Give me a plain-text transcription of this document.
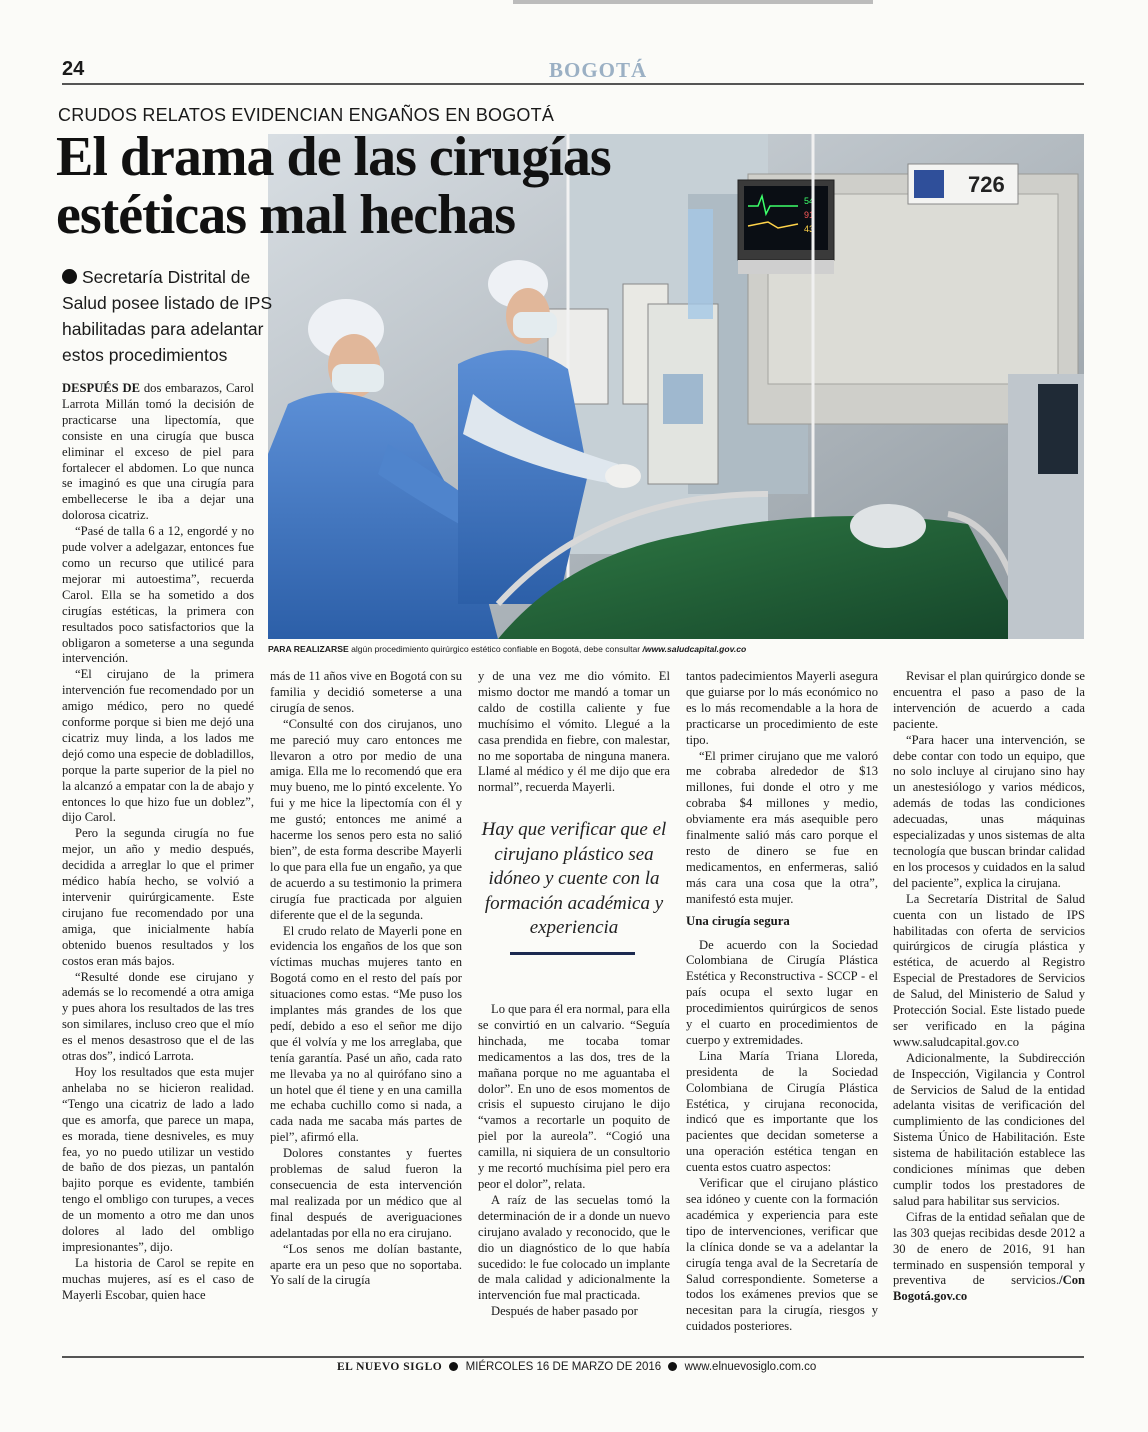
24	BOGOTÁ
CRUDOS RELATOS EVIDENCIAN ENGAÑOS EN BOGOTÁ
726
54
91
43
El drama de las cirugías
estéticas mal hechas
Secretaría Distrital de Salud posee listado de IPS habilitadas para adelantar estos procedimientos
PARA REALIZARSE algún procedimiento quirúrgico estético confiable en Bogotá, debe consultar /www.saludcapital.gov.co

DESPUÉS DE dos embarazos, Carol Larrota Millán tomó la decisión de practicarse una lipectomía, que consiste en una cirugía que busca eliminar el exceso de piel para fortalecer el abdomen. Lo que nunca se imaginó es que una cirugía para embellecerse le iba a dejar una dolorosa cicatriz.

“Pasé de talla 6 a 12, engordé y no pude volver a adelgazar, entonces fue como un recurso que utilicé para mejorar mi autoestima”, recuerda Carol. Ella se ha sometido a dos cirugías estéticas, la primera con resultados poco satisfactorios que la obligaron a someterse a una segunda intervención.

“El cirujano de la primera intervención fue recomendado por un amigo médico, pero no quedé conforme porque si bien me dejó una cicatriz muy linda, a los lados me dejó como una especie de dobladillos, porque la parte superior de la piel no la alcanzó a empatar con la de abajo y entonces lo que hizo fue un doblez”, dijo Carol.

Pero la segunda cirugía no fue mejor, un año y medio después, decidida a arreglar lo que el primer médico había hecho, se volvió a intervenir quirúrgicamente. Este cirujano fue recomendado por una amiga, que inicialmente había obtenido buenos resultados y los costos eran más bajos.

“Resulté donde ese cirujano y además se lo recomendé a otra amiga y pues ahora los resultados de las tres son similares, incluso creo que el mío es el menos desastroso que el de las otras dos”, indicó Larrota.

Hoy los resultados que esta mujer anhelaba no se hicieron realidad. “Tengo una cicatriz de lado a lado que es amorfa, que parece un mapa, es morada, tiene desniveles, es muy fea, yo no puedo utilizar un vestido de baño de dos piezas, un pantalón bajito porque es evidente, también tengo el ombligo con turupes, a veces de un momento a otro me dan unos dolores al lado del ombligo impresionantes”, dijo.

La historia de Carol se repite en muchas mujeres, así es el caso de Mayerli Escobar, quien hace

más de 11 años vive en Bogotá con su familia y decidió someterse a una cirugía de senos.

“Consulté con dos cirujanos, uno me pareció muy caro entonces me llevaron a otro por medio de una amiga. Ella me lo recomendó que era muy bueno, me lo pintó excelente. Yo fui y me hice la lipectomía con él y me gustó; entonces me animé a hacerme los senos pero esta no salió bien”, de esta forma describe Mayerli lo que para ella fue un engaño, ya que de acuerdo a su testimonio la primera cirugía fue practicada por alguien diferente que el de la segunda.

El crudo relato de Mayerli pone en evidencia los engaños de los que son víctimas muchas mujeres tanto en Bogotá como en el resto del país por situaciones como estas. “Me puso los implantes más grandes de los que pedí, debido a eso el señor me dijo que él volvía y me los arreglaba, que tenía garantía. Pasé un año, cada rato me llevaba ya no al quirófano sino a un hotel que él tiene y en una camilla me echaba cuchillo como si nada, a cada nada me sacaba más partes de piel”, afirmó ella.

Dolores constantes y fuertes problemas de salud fueron la consecuencia de esta intervención mal realizada por un médico que al final después de averiguaciones adelantadas por ella no era cirujano.

“Los senos me dolían bastante, aparte era un peso que no soportaba. Yo salí de la cirugía

y de una vez me dio vómito. El mismo doctor me mandó a tomar un caldo de costilla caliente y fue muchísimo el vómito. Llegué a la casa prendida en fiebre, con malestar, no me soportaba de ninguna manera. Llamé al médico y él me dijo que era normal”, recuerda Mayerli.

Hay que verificar que el cirujano plástico sea idóneo y cuente con la formación académica y experiencia

Lo que para él era normal, para ella se convirtió en un calvario. “Seguía hinchada, me tocaba tomar medicamentos a las dos, tres de la mañana porque no me aguantaba el dolor”. En uno de esos momentos de crisis el supuesto cirujano le dijo “vamos a recortarle un poquito de piel por la aureola”. “Cogió una camilla, ni siquiera de un consultorio y me recortó muchísima piel pero era peor el dolor”, relata.

A raíz de las secuelas tomó la determinación de ir a donde un nuevo cirujano avalado y reconocido, que le dio un diagnóstico de lo que había sucedido: le fue colocado un implante de mala calidad y adicionalmente la intervención fue mal practicada.

Después de haber pasado por

tantos padecimientos Mayerli asegura que guiarse por lo más económico no es lo más recomendable a la hora de practicarse un procedimiento de este tipo.

“El primer cirujano que me valoró me cobraba alrededor de $13 millones, fui donde el otro y me cobraba $4 millones y medio, obviamente era más asequible pero finalmente salió más caro porque el resto de dinero se fue en medicamentos, en enfermeras, salió más cara una cosa que la otra”, manifestó esta mujer.

Una cirugía segura

De acuerdo con la Sociedad Colombiana de Cirugía Plástica Estética y Reconstructiva - SCCP - el país ocupa el sexto lugar en procedimientos quirúrgicos de senos y el cuarto en procedimientos de cuerpo y extremidades.

Lina María Triana Lloreda, presidenta de la Sociedad Colombiana de Cirugía Plástica Estética, y cirujana reconocida, indicó que es importante que los pacientes que decidan someterse a una operación estética tengan en cuenta estos cuatro aspectos:

Verificar que el cirujano plástico sea idóneo y cuente con la formación académica y experiencia para este tipo de intervenciones, verificar que la clínica donde se va a adelantar la cirugía tenga aval de la Secretaría de Salud correspondiente. Someterse a todos los exámenes previos que se necesitan para la cirugía, riesgos y cuidados posteriores.

Revisar el plan quirúrgico donde se encuentra el paso a paso de la intervención de acuerdo a cada paciente.

“Para hacer una intervención, se debe contar con todo un equipo, que no solo incluye al cirujano sino hay un anestesiólogo y varios médicos, además de todas las condiciones adecuadas, unas máquinas especializadas y unos sistemas de alta tecnología que buscan brindar calidad en los procesos y cuidados en la salud del paciente”, explica la cirujana.

La Secretaría Distrital de Salud cuenta con un listado de IPS habilitadas con oferta de servicios quirúrgicos de cirugía plástica y estética, de acuerdo al Registro Especial de Prestadores de Servicios de Salud, del Ministerio de Salud y Protección Social. Este listado puede ser verificado en la página www.saludcapital.gov.co

Adicionalmente, la Subdirección de Inspección, Vigilancia y Control de Servicios de Salud de la entidad adelanta visitas de verificación del cumplimiento de las condiciones del Sistema Único de Habilitación. Este sistema de habilitación establece las condiciones mínimas que deben cumplir todos los prestadores de salud para habilitar sus servicios.

Cifras de la entidad señalan que de las 303 quejas recibidas desde 2012 a 30 de enero de 2016, 91 han terminado en suspensión temporal y preventiva de servicios./Con Bogotá.gov.co

EL NUEVO SIGLO MIÉRCOLES 16 DE MARZO DE 2016 www.elnuevosiglo.com.co
